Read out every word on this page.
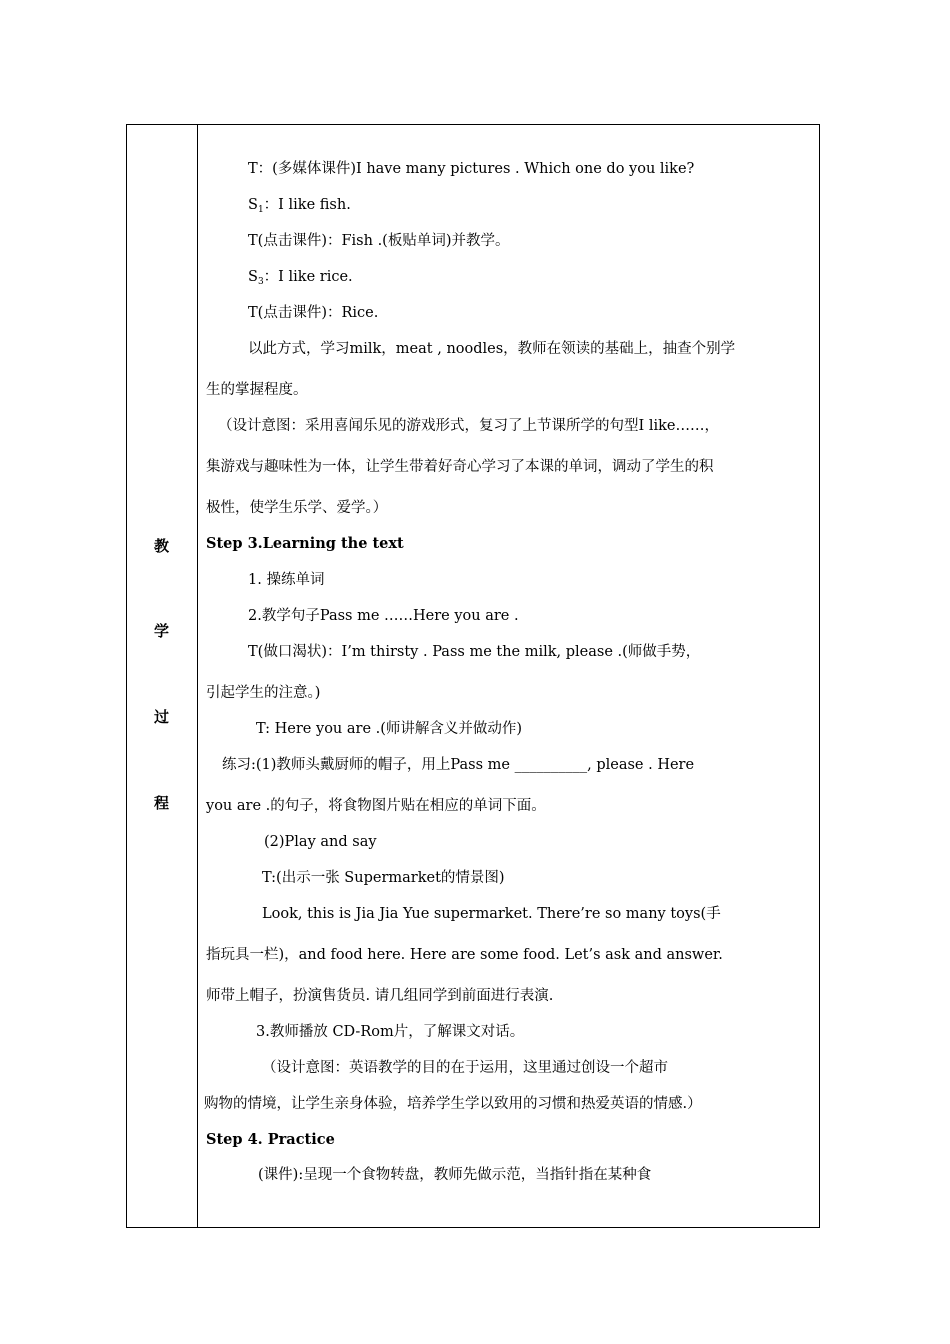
教
学
过
程
T：(多媒体课件)I have many pictures . Which one do you like?
$S_1$：I like fish.
T(点击课件)：Fish .(板贴单词)并教学。
$S_3$：I like rice.
T(点击课件)：Rice.
以此方式，学习milk，meat , noodles，教师在领读的基础上，抽查个别学
生的掌握程度。
（设计意图：采用喜闻乐见的游戏形式，复习了上节课所学的句型I like……，
集游戏与趣味性为一体，让学生带着好奇心学习了本课的单词，调动了学生的积
极性，使学生乐学、爱学。）
Step 3.Learning the text
1. 操练单词
2.教学句子Pass me ……Here you are .
T(做口渴状)：I’m thirsty . Pass me the milk, please .(师做手势，
引起学生的注意。)
T: Here you are .(师讲解含义并做动作)
练习:(1)教师头戴厨师的帽子，用上Pass me __________, please . Here
you are .的句子，将食物图片贴在相应的单词下面。
(2)Play and say
T:(出示一张 Supermarket的情景图)
Look, this is Jia Jia Yue supermarket. There’re so many toys(手
指玩具一栏)，and food here. Here are some food. Let’s ask and answer.
师带上帽子，扮演售货员. 请几组同学到前面进行表演.
3.教师播放 CD-Rom片，了解课文对话。
（设计意图：英语教学的目的在于运用，这里通过创设一个超市
购物的情境，让学生亲身体验，培养学生学以致用的习惯和热爱英语的情感.）
Step 4. Practice
(课件):呈现一个食物转盘，教师先做示范，当指针指在某种食
